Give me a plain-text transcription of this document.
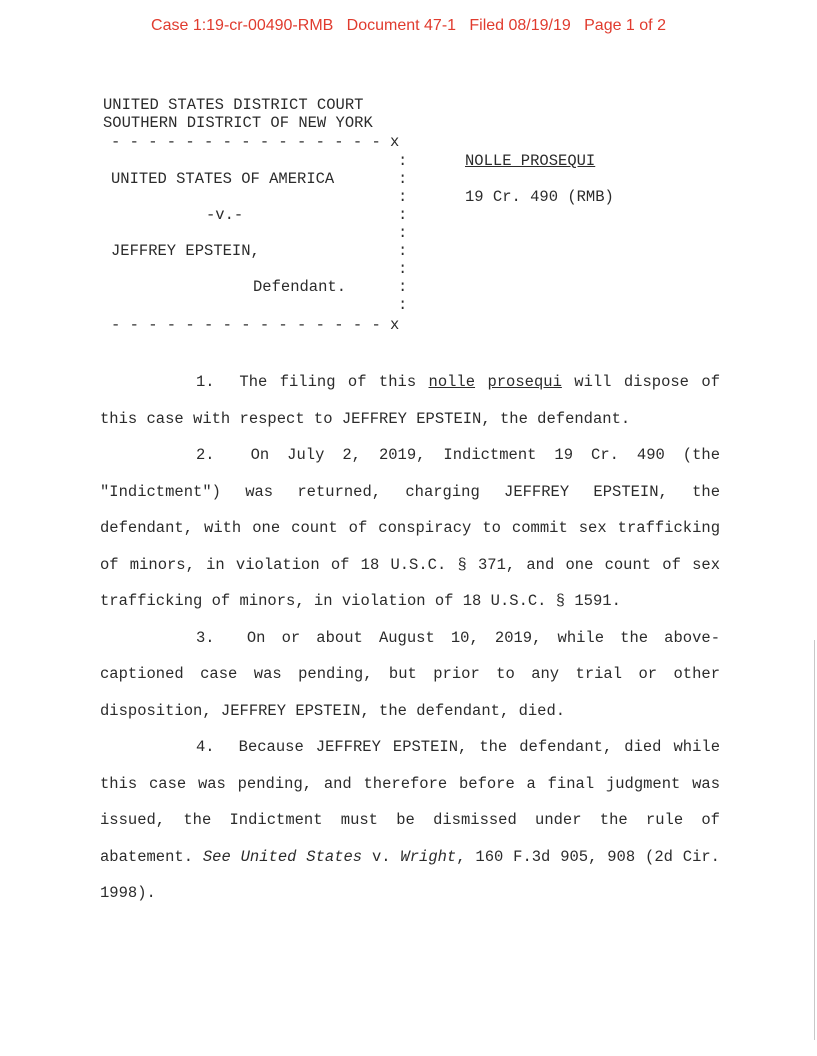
Case 1:19-cr-00490-RMB   Document 47-1   Filed 08/19/19   Page 1 of 2
UNITED STATES DISTRICT COURT
SOUTHERN DISTRICT OF NEW YORK
- - - - - - - - - - - - - - - x
:
:
:
:
:
:
:
:
:
UNITED STATES OF AMERICA
-v.-
JEFFREY EPSTEIN,
Defendant.
- - - - - - - - - - - - - - - x
NOLLE PROSEQUI
19 Cr. 490 (RMB)

1. The filing of this nolle prosequi will dispose of this case with respect to JEFFREY EPSTEIN, the defendant.

2. On July 2, 2019, Indictment 19 Cr. 490 (the "Indictment") was returned, charging JEFFREY EPSTEIN, the defendant, with one count of conspiracy to commit sex trafficking of minors, in violation of 18 U.S.C. § 371, and one count of sex trafficking of minors, in violation of 18 U.S.C. § 1591.

3. On or about August 10, 2019, while the above-captioned case was pending, but prior to any trial or other disposition, JEFFREY EPSTEIN, the defendant, died.

4. Because JEFFREY EPSTEIN, the defendant, died while this case was pending, and therefore before a final judgment was issued, the Indictment must be dismissed under the rule of abatement. See United States v. Wright, 160 F.3d 905, 908 (2d Cir. 1998).
